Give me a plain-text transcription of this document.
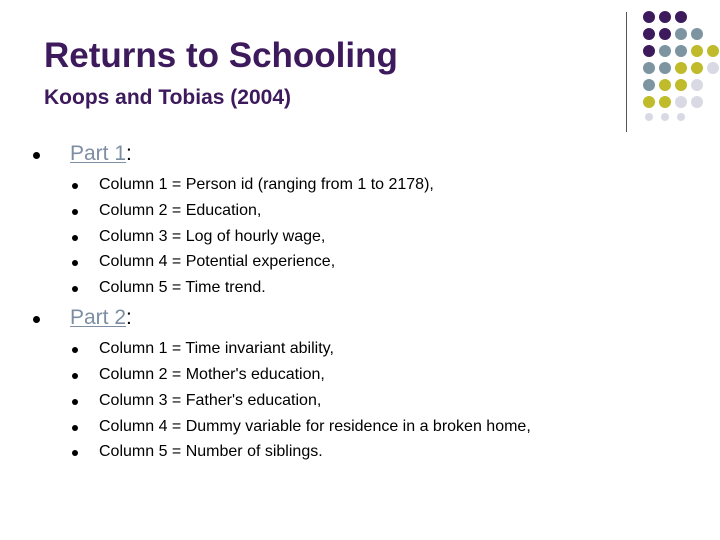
Returns to Schooling
Koops and Tobias (2004)
Part 1:
Column 1 = Person id (ranging from 1 to 2178),
Column 2 = Education,
Column 3 = Log of hourly wage,
Column 4 = Potential experience,
Column 5 = Time trend.
Part 2:
Column 1 = Time invariant ability,
Column 2 = Mother's education,
Column 3 = Father's education,
Column 4 = Dummy variable for residence in a broken home,
Column 5 = Number of siblings.
